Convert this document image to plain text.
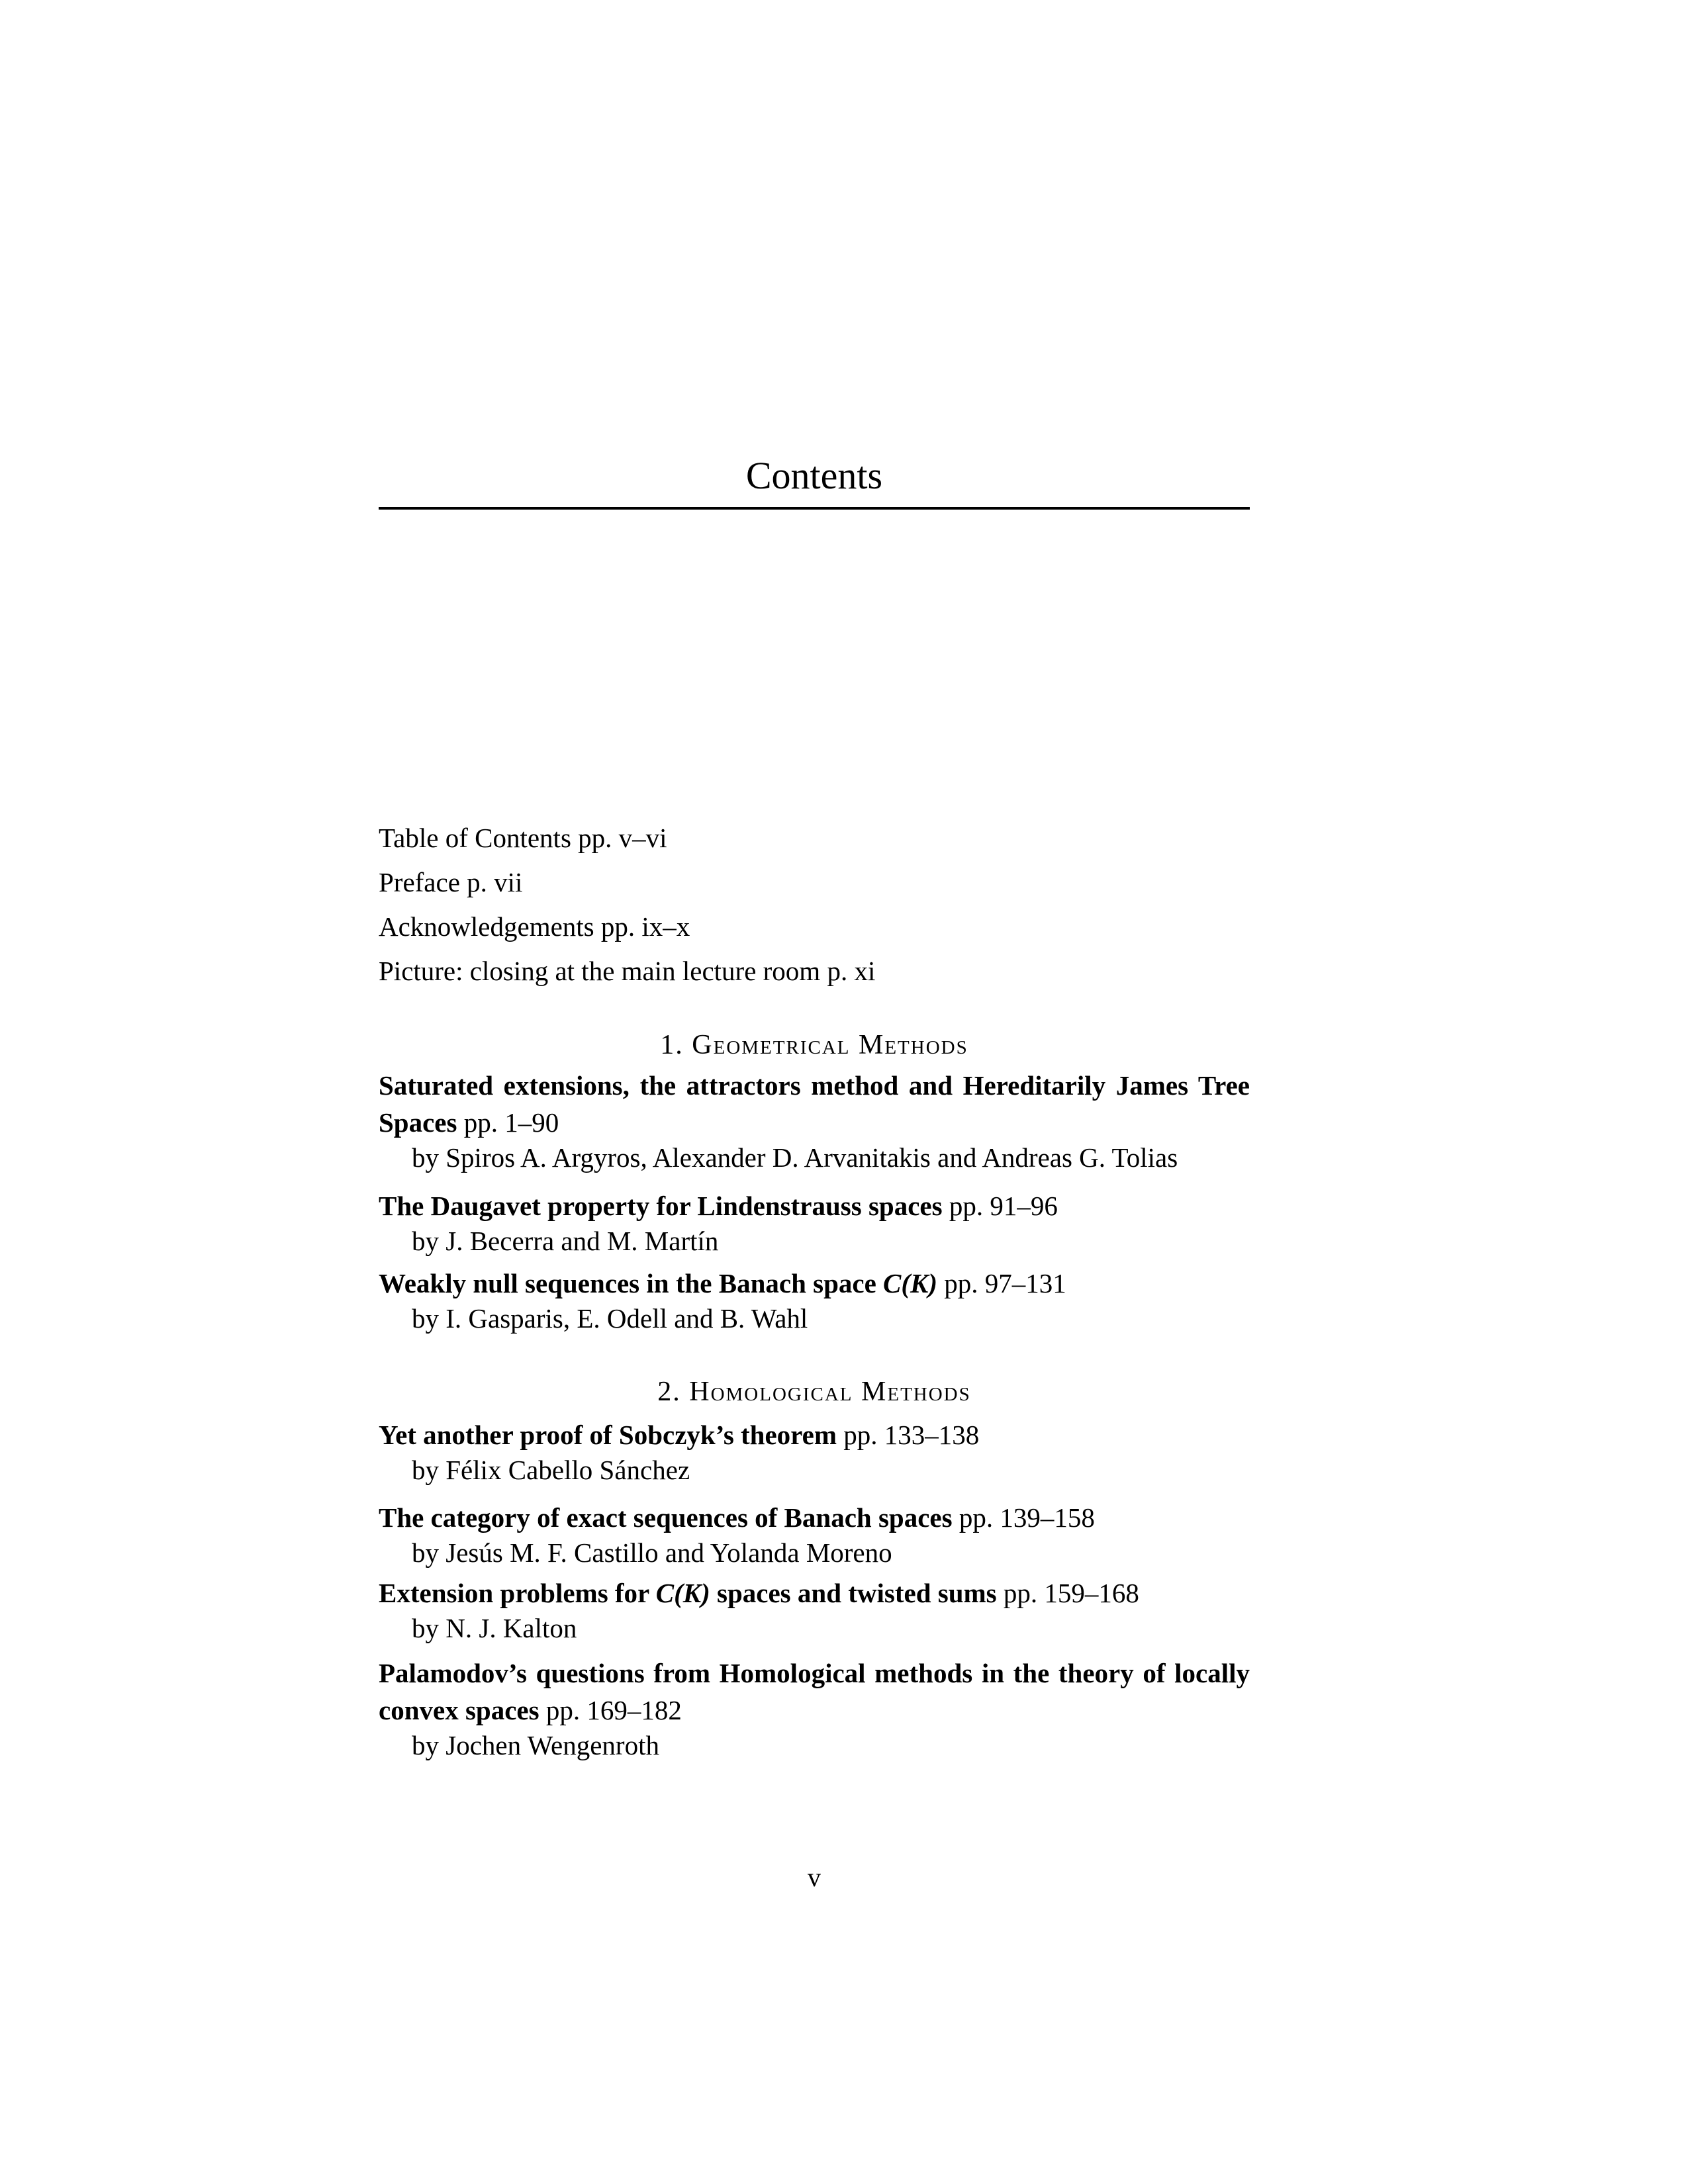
Contents
Table of Contents pp. v–vi
Preface p. vii
Acknowledgements pp. ix–x
Picture: closing at the main lecture room p. xi
1. Geometrical Methods
Saturated extensions, the attractors method and Hereditarily James Tree Spaces pp. 1–90
by Spiros A. Argyros, Alexander D. Arvanitakis and Andreas G. Tolias
The Daugavet property for Lindenstrauss spaces pp. 91–96
by J. Becerra and M. Martín
Weakly null sequences in the Banach space C(K) pp. 97–131
by I. Gasparis, E. Odell and B. Wahl
2. Homological Methods
Yet another proof of Sobczyk’s theorem pp. 133–138
by Félix Cabello Sánchez
The category of exact sequences of Banach spaces pp. 139–158
by Jesús M. F. Castillo and Yolanda Moreno
Extension problems for C(K) spaces and twisted sums pp. 159–168
by N. J. Kalton
Palamodov’s questions from Homological methods in the theory of locally convex spaces pp. 169–182
by Jochen Wengenroth
v
